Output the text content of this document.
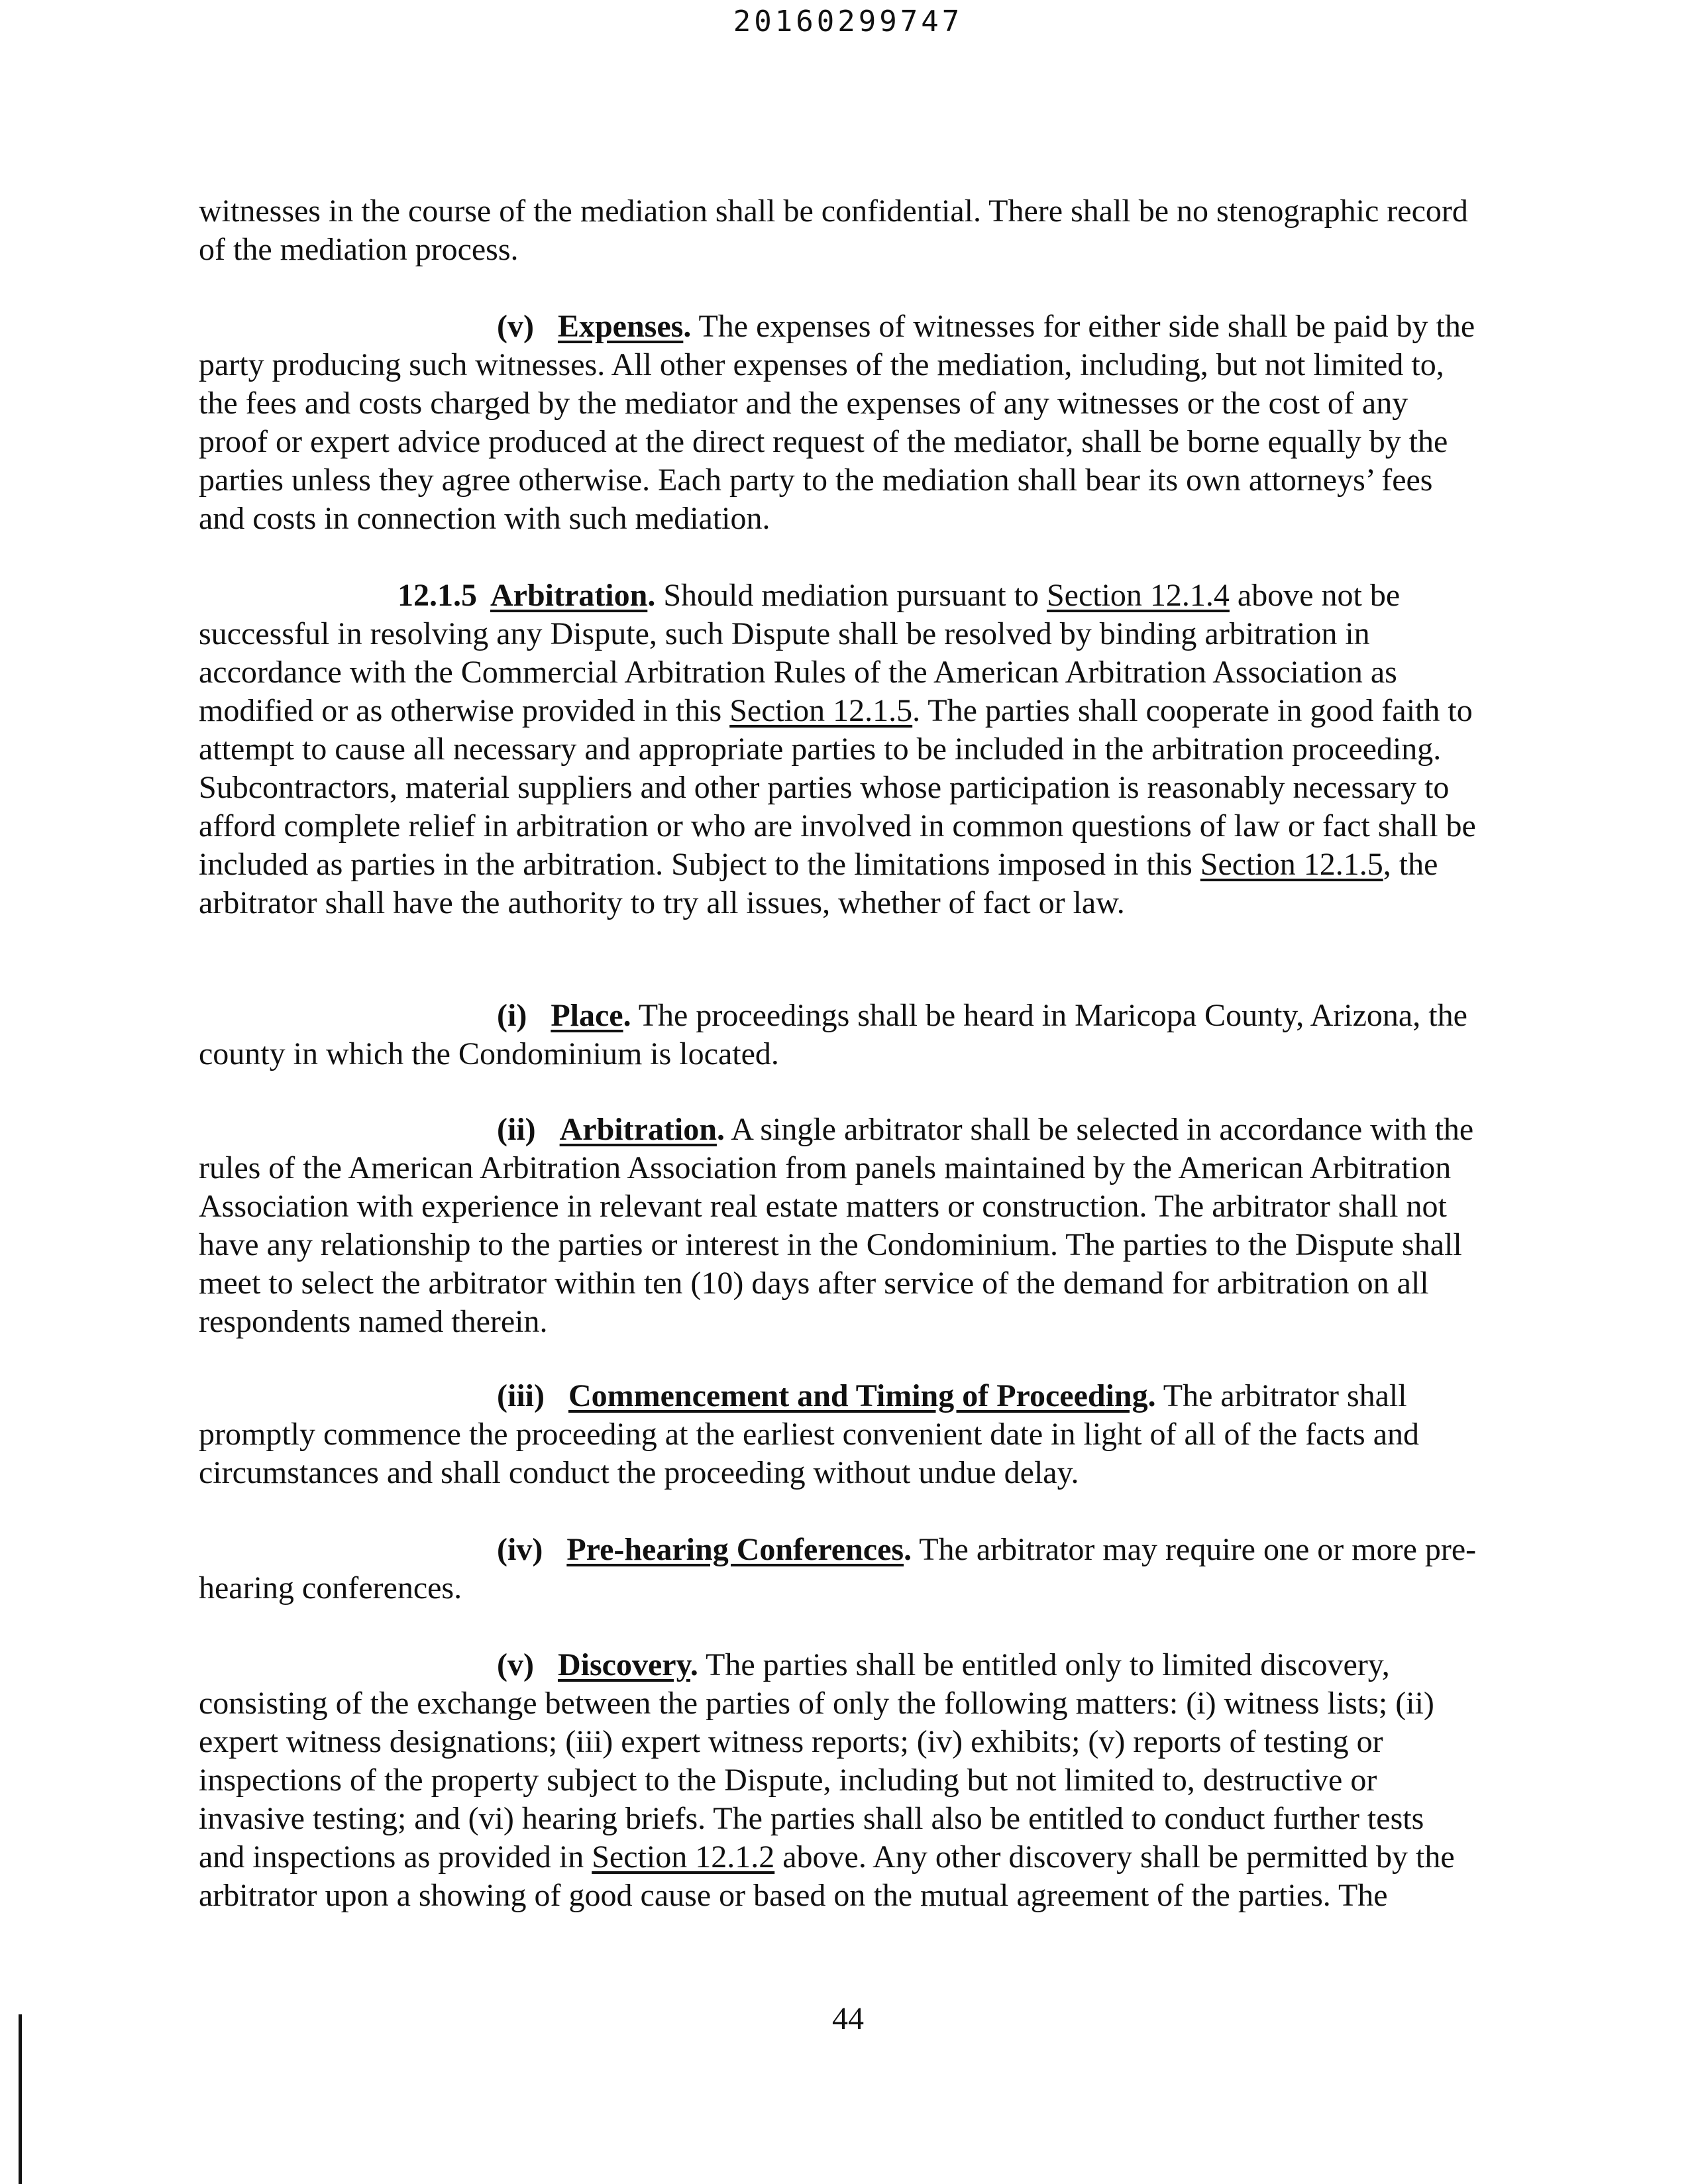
20160299747

witnesses in the course of the mediation shall be confidential. There shall be no stenographic record of the mediation process.

(v) Expenses. The expenses of witnesses for either side shall be paid by the party producing such witnesses. All other expenses of the mediation, including, but not limited to, the fees and costs charged by the mediator and the expenses of any witnesses or the cost of any proof or expert advice produced at the direct request of the mediator, shall be borne equally by the parties unless they agree otherwise. Each party to the mediation shall bear its own attorneys’ fees and costs in connection with such mediation.

12.1.5 Arbitration. Should mediation pursuant to Section 12.1.4 above not be successful in resolving any Dispute, such Dispute shall be resolved by binding arbitration in accordance with the Commercial Arbitration Rules of the American Arbitration Association as modified or as otherwise provided in this Section 12.1.5. The parties shall cooperate in good faith to attempt to cause all necessary and appropriate parties to be included in the arbitration proceeding. Subcontractors, material suppliers and other parties whose participation is reasonably necessary to afford complete relief in arbitration or who are involved in common questions of law or fact shall be included as parties in the arbitration. Subject to the limitations imposed in this Section 12.1.5, the arbitrator shall have the authority to try all issues, whether of fact or law.

(i) Place. The proceedings shall be heard in Maricopa County, Arizona, the county in which the Condominium is located.

(ii) Arbitration. A single arbitrator shall be selected in accordance with the rules of the American Arbitration Association from panels maintained by the American Arbitration Association with experience in relevant real estate matters or construction. The arbitrator shall not have any relationship to the parties or interest in the Condominium. The parties to the Dispute shall meet to select the arbitrator within ten (10) days after service of the demand for arbitration on all respondents named therein.

(iii) Commencement and Timing of Proceeding. The arbitrator shall promptly commence the proceeding at the earliest convenient date in light of all of the facts and circumstances and shall conduct the proceeding without undue delay.

(iv) Pre-hearing Conferences. The arbitrator may require one or more pre-hearing conferences.

(v) Discovery. The parties shall be entitled only to limited discovery, consisting of the exchange between the parties of only the following matters: (i) witness lists; (ii) expert witness designations; (iii) expert witness reports; (iv) exhibits; (v) reports of testing or inspections of the property subject to the Dispute, including but not limited to, destructive or invasive testing; and (vi) hearing briefs. The parties shall also be entitled to conduct further tests and inspections as provided in Section 12.1.2 above. Any other discovery shall be permitted by the arbitrator upon a showing of good cause or based on the mutual agreement of the parties. The

44
